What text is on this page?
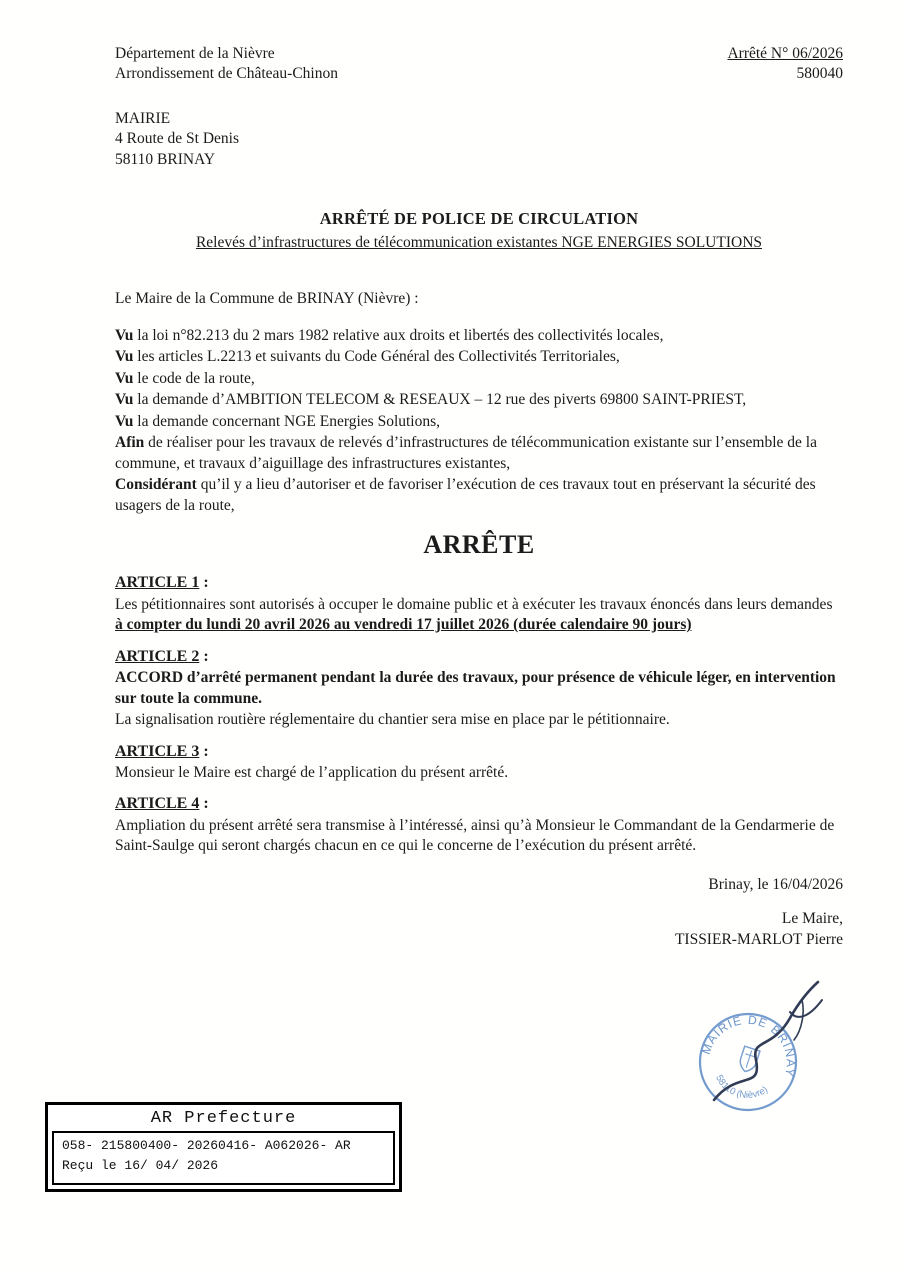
Département de la Nièvre

Arrondissement de Château-Chinon

Arrêté N° 06/2026

580040

MAIRIE

4 Route de St Denis

58110 BRINAY

ARRÊTÉ DE POLICE DE CIRCULATION
Relevés d’infrastructures de télécommunication existantes NGE ENERGIES SOLUTIONS

Le Maire de la Commune de BRINAY (Nièvre) :

Vu la loi n°82.213 du 2 mars 1982 relative aux droits et libertés des collectivités locales,

Vu les articles L.2213 et suivants du Code Général des Collectivités Territoriales,

Vu le code de la route,

Vu la demande d’AMBITION TELECOM & RESEAUX – 12 rue des piverts 69800 SAINT-PRIEST,

Vu la demande concernant NGE Energies Solutions,

Afin de réaliser pour les travaux de relevés d’infrastructures de télécommunication existante sur l’ensemble de la commune, et travaux d’aiguillage des infrastructures existantes,

Considérant qu’il y a lieu d’autoriser et de favoriser l’exécution de ces travaux tout en préservant la sécurité des usagers de la route,

ARRÊTE
ARTICLE 1 :

Les pétitionnaires sont autorisés à occuper le domaine public et à exécuter les travaux énoncés dans leurs demandes à compter du lundi 20 avril 2026 au vendredi 17 juillet 2026 (durée calendaire 90 jours)

ARTICLE 2 :

ACCORD d’arrêté permanent pendant la durée des travaux, pour présence de véhicule léger, en intervention sur toute la commune.

La signalisation routière réglementaire du chantier sera mise en place par le pétitionnaire.

ARTICLE 3 :

Monsieur le Maire est chargé de l’application du présent arrêté.

ARTICLE 4 :

Ampliation du présent arrêté sera transmise à l’intéressé, ainsi qu’à Monsieur le Commandant de la Gendarmerie de Saint-Saulge qui seront chargés chacun en ce qui le concerne de l’exécution du présent arrêté.

Brinay, le 16/04/2026

Le Maire,

TISSIER-MARLOT Pierre

MAIRIE DE BRINAY
58110 (Nièvre)
AR Prefecture
058- 215800400- 20260416- A062026- AR
Reçu le 16/ 04/ 2026
